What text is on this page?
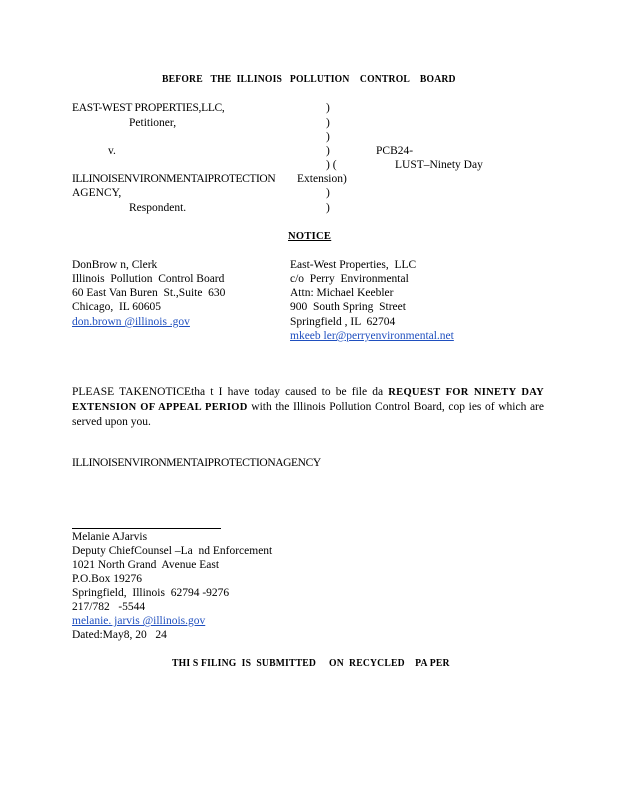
BEFORE   THE  ILLINOIS   POLLUTION    CONTROL    BOARD
EAST-WEST PROPERTIES,LLC,
Petitioner,
v.
ILLINOISENVIRONMENTAIPROTECTION Extension)
AGENCY,
Respondent.
)
)
)
)
) (
)
)
PCB24-
LUST–Ninety Day
NOTICE
DonBrow n, Clerk
Illinois  Pollution  Control Board
60 East Van Buren  St.,Suite  630
Chicago,  IL 60605
don.brown @illinois .gov
East-West Properties,  LLC
c/o  Perry  Environmental
Attn: Michael Keebler
900  South Spring  Street
Springfield , IL  62704
mkeeb ler@perryenvironmental.net
PLEASE TAKENOTICEtha t I have today caused to be file da REQUEST FOR NINETY DAY EXTENSION OF APPEAL PERIOD with the Illinois Pollution Control Board, cop ies of which are served upon you.
ILLINOISENVIRONMENTAIPROTECTIONAGENCY
Melanie AJarvis
Deputy ChiefCounsel –La  nd Enforcement
1021 North Grand  Avenue East
P.O.Box 19276
Springfield,  Illinois  62794 -9276
217/782   -5544
melanie. jarvis @illinois.gov
Dated:May8, 20   24
THI S FILING  IS  SUBMITTED     ON  RECYCLED    PA PER
